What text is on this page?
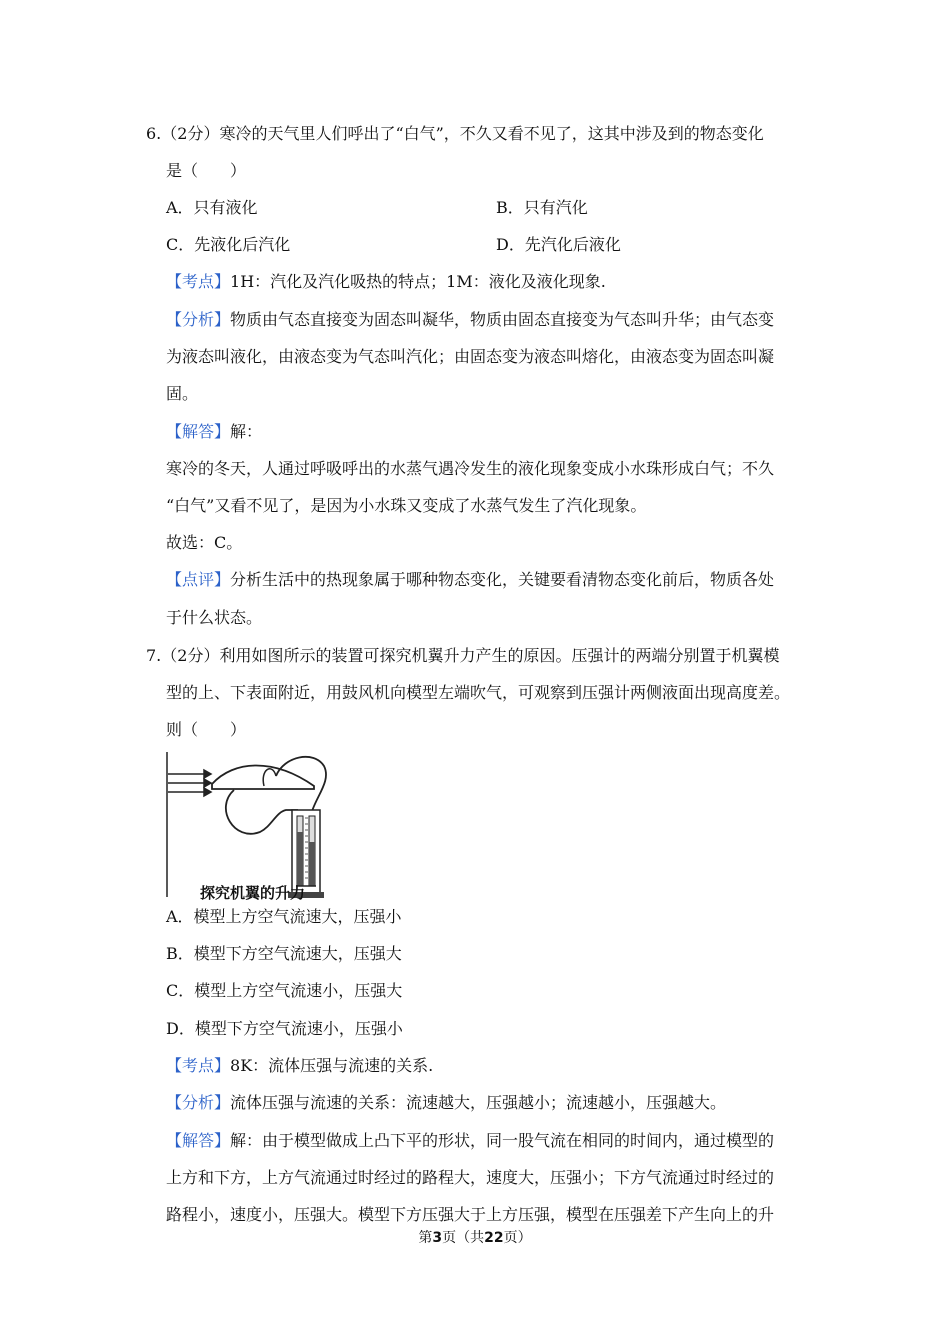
6.（2分）寒冷的天气里人们呼出了“白气”，不久又看不见了，这其中涉及到的物态变化
是（　　）
A．只有液化	B．只有汽化
C．先液化后汽化	D．先汽化后液化
【考点】1H：汽化及汽化吸热的特点；1M：液化及液化现象.
【分析】物质由气态直接变为固态叫凝华，物质由固态直接变为气态叫升华；由气态变
为液态叫液化，由液态变为气态叫汽化；由固态变为液态叫熔化，由液态变为固态叫凝
固。
【解答】解：
寒冷的冬天，人通过呼吸呼出的水蒸气遇冷发生的液化现象变成小水珠形成白气；不久
“白气”又看不见了，是因为小水珠又变成了水蒸气发生了汽化现象。
故选：C。
【点评】分析生活中的热现象属于哪种物态变化，关键要看清物态变化前后，物质各处
于什么状态。
7.（2分）利用如图所示的装置可探究机翼升力产生的原因。压强计的两端分别置于机翼模
型的上、下表面附近，用鼓风机向模型左端吹气，可观察到压强计两侧液面出现高度差。
则（　　）
探究机翼的升力
A．模型上方空气流速大，压强小
B．模型下方空气流速大，压强大
C．模型上方空气流速小，压强大
D．模型下方空气流速小，压强小
【考点】8K：流体压强与流速的关系.
【分析】流体压强与流速的关系：流速越大，压强越小；流速越小，压强越大。
【解答】解：由于模型做成上凸下平的形状，同一股气流在相同的时间内，通过模型的
上方和下方，上方气流通过时经过的路程大，速度大，压强小；下方气流通过时经过的
路程小，速度小，压强大。模型下方压强大于上方压强，模型在压强差下产生向上的升
第3页（共22页）
